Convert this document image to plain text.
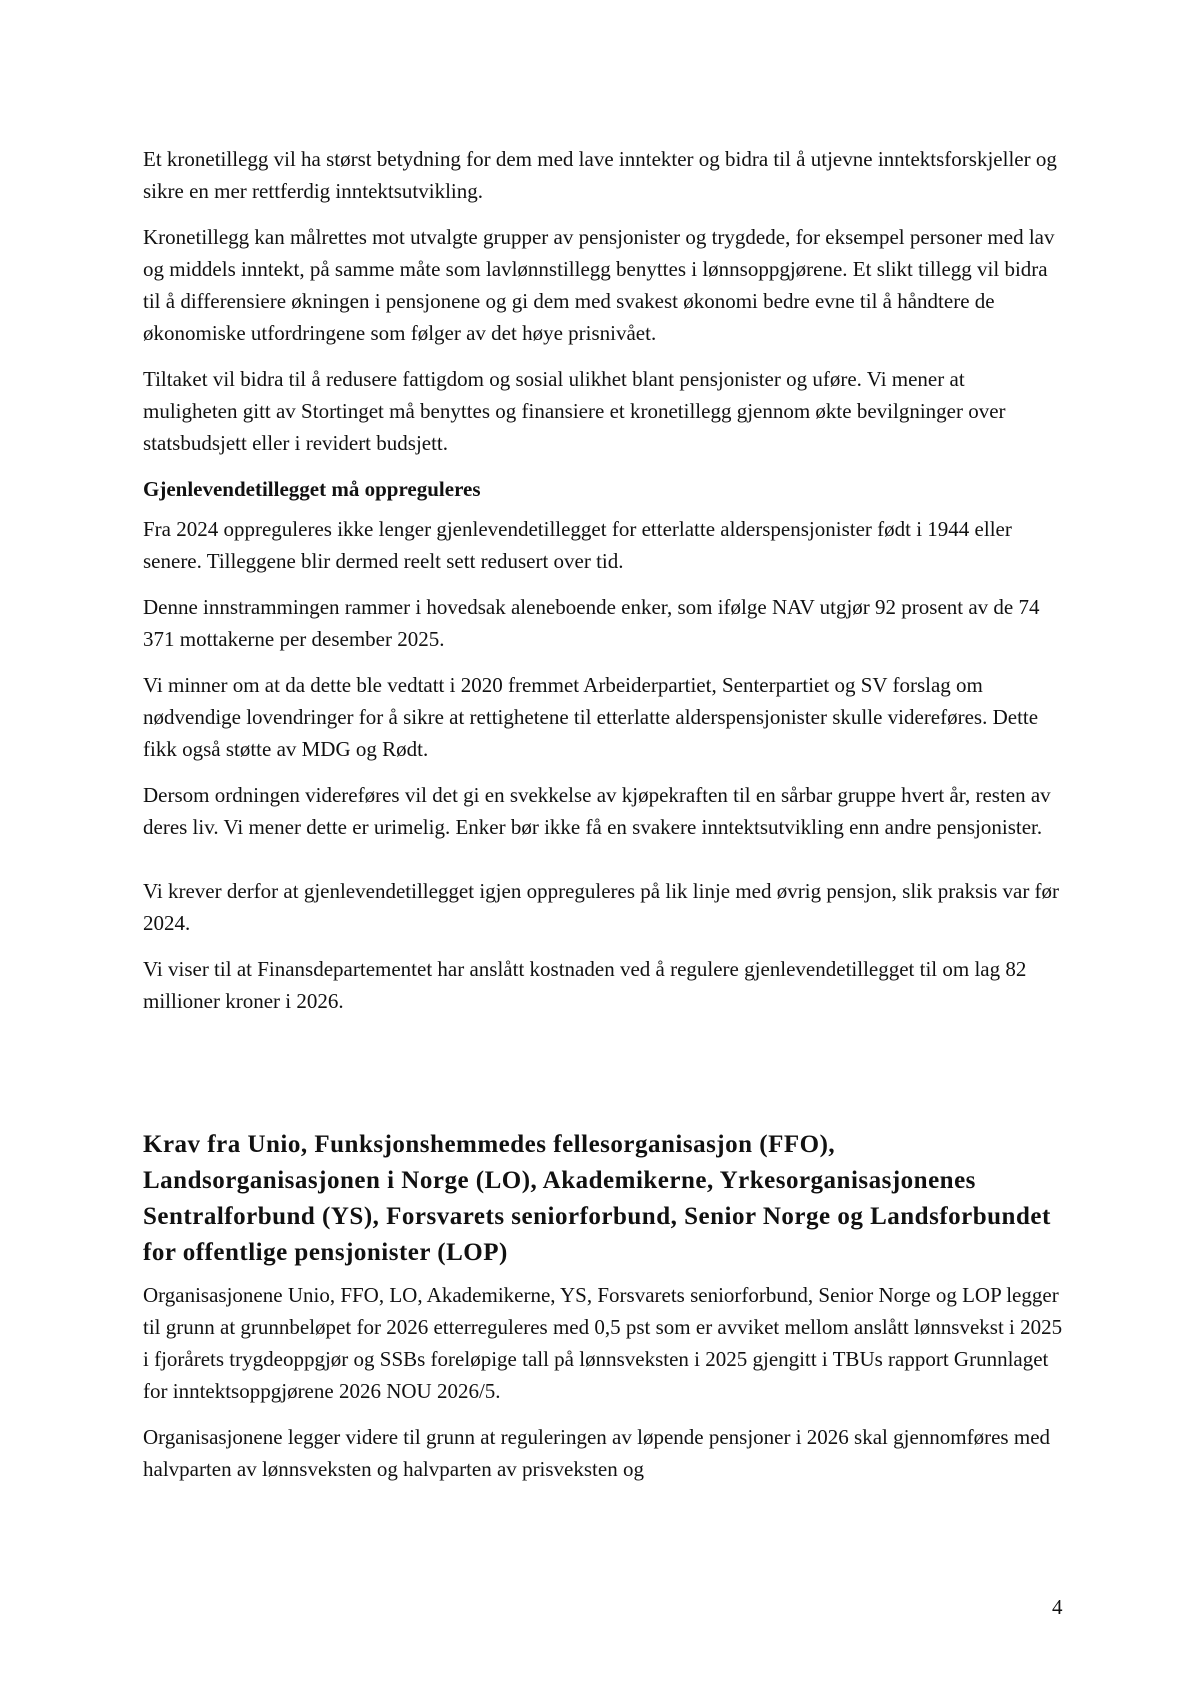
Et kronetillegg vil ha størst betydning for dem med lave inntekter og bidra til å utjevne inntektsforskjeller og sikre en mer rettferdig inntektsutvikling.

Kronetillegg kan målrettes mot utvalgte grupper av pensjonister og trygdede, for eksempel personer med lav og middels inntekt, på samme måte som lavlønnstillegg benyttes i lønnsoppgjørene. Et slikt tillegg vil bidra til å differensiere økningen i pensjonene og gi dem med svakest økonomi bedre evne til å håndtere de økonomiske utfordringene som følger av det høye prisnivået.

Tiltaket vil bidra til å redusere fattigdom og sosial ulikhet blant pensjonister og uføre. Vi mener at muligheten gitt av Stortinget må benyttes og finansiere et kronetillegg gjennom økte bevilgninger over statsbudsjett eller i revidert budsjett.

Gjenlevendetillegget må oppreguleres

Fra 2024 oppreguleres ikke lenger gjenlevendetillegget for etterlatte alderspensjonister født i 1944 eller senere. Tilleggene blir dermed reelt sett redusert over tid.

Denne innstrammingen rammer i hovedsak aleneboende enker, som ifølge NAV utgjør 92 prosent av de 74 371 mottakerne per desember 2025.

Vi minner om at da dette ble vedtatt i 2020 fremmet Arbeiderpartiet, Senterpartiet og SV forslag om nødvendige lovendringer for å sikre at rettighetene til etterlatte alderspensjonister skulle videreføres. Dette fikk også støtte av MDG og Rødt.

Dersom ordningen videreføres vil det gi en svekkelse av kjøpekraften til en sårbar gruppe hvert år, resten av deres liv. Vi mener dette er urimelig. Enker bør ikke få en svakere inntektsutvikling enn andre pensjonister.

Vi krever derfor at gjenlevendetillegget igjen oppreguleres på lik linje med øvrig pensjon, slik praksis var før 2024.

Vi viser til at Finansdepartementet har anslått kostnaden ved å regulere gjenlevendetillegget til om lag 82 millioner kroner i 2026.

Krav fra Unio, Funksjonshemmedes fellesorganisasjon (FFO), Landsorganisasjonen i Norge (LO), Akademikerne, Yrkesorganisasjonenes Sentralforbund (YS), Forsvarets seniorforbund, Senior Norge og Landsforbundet for offentlige pensjonister (LOP)

Organisasjonene Unio, FFO, LO, Akademikerne, YS, Forsvarets seniorforbund, Senior Norge og LOP legger til grunn at grunnbeløpet for 2026 etterreguleres med 0,5 pst som er avviket mellom anslått lønnsvekst i 2025 i fjorårets trygdeoppgjør og SSBs foreløpige tall på lønnsveksten i 2025 gjengitt i TBUs rapport Grunnlaget for inntektsoppgjørene 2026 NOU 2026/5.

Organisasjonene legger videre til grunn at reguleringen av løpende pensjoner i 2026 skal gjennomføres med halvparten av lønnsveksten og halvparten av prisveksten og

4
